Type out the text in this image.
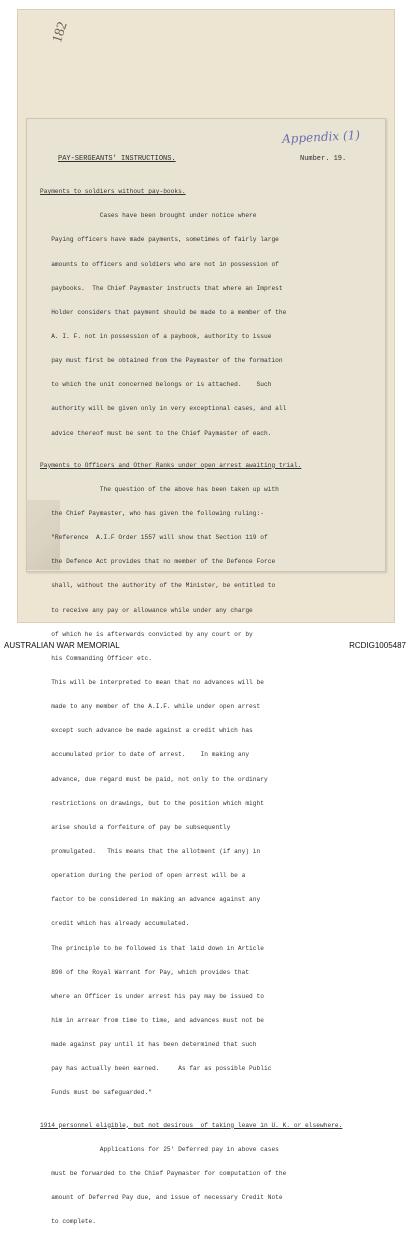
182
Appendix (1)
PAY-SERGEANTS' INSTRUCTIONS.	Number. 19.

Payments to soldiers without pay-books.

Cases have been brought under notice where

Paying officers have made payments, sometimes of fairly large

amounts to officers and soldiers who are not in possession of

paybooks.  The Chief Paymaster instructs that where an Imprest

Holder considers that payment should be made to a member of the

A. I. F. not in possession of a paybook, authority to issue

pay must first be obtained from the Paymaster of the formation

to which the unit concerned belongs or is attached.    Such

authority will be given only in very exceptional cases, and all

advice thereof must be sent to the Chief Paymaster of each.

Payments to Officers and Other Ranks under open arrest awaiting trial.

The question of the above has been taken up with

the Chief Paymaster, who has given the following ruling:-

"Reference  A.I.F Order 1557 will show that Section 119 of

the Defence Act provides that no member of the Defence Force

shall, without the authority of the Minister, be entitled to

to receive any pay or allowance while under any charge

of which he is afterwards convicted by any court or by

his Commanding Officer etc.

This will be interpreted to mean that no advances will be

made to any member of the A.I.F. while under open arrest

except such advance be made against a credit which has

accumulated prior to date of arrest.    In making any

advance, due regard must be paid, not only to the ordinary

restrictions on drawings, but to the position which might

arise should a forfeiture of pay be subsequently

promulgated.   This means that the allotment (if any) in

operation during the period of open arrest will be a

factor to be considered in making an advance against any

credit which has already accumulated.

The principle to be followed is that laid down in Article

890 of the Royal Warrant for Pay, which provides that

where an Officer is under arrest his pay may be issued to

him in arrear from time to time, and advances must not be

made against pay until it has been determined that such

pay has actually been earned.     As far as possible Public

Funds must be safeguarded."

1914 personnel eligible, but not desirous  of taking leave in U. K. or elsewhere.

Applications for 25' Deferred pay in above cases

must be forwarded to the Chief Paymaster for computation of the

amount of Deferred Pay due, and issue of necessary Credit Note

to complete.

AUSTRALIAN WAR MEMORIAL	RCDIG1005487
